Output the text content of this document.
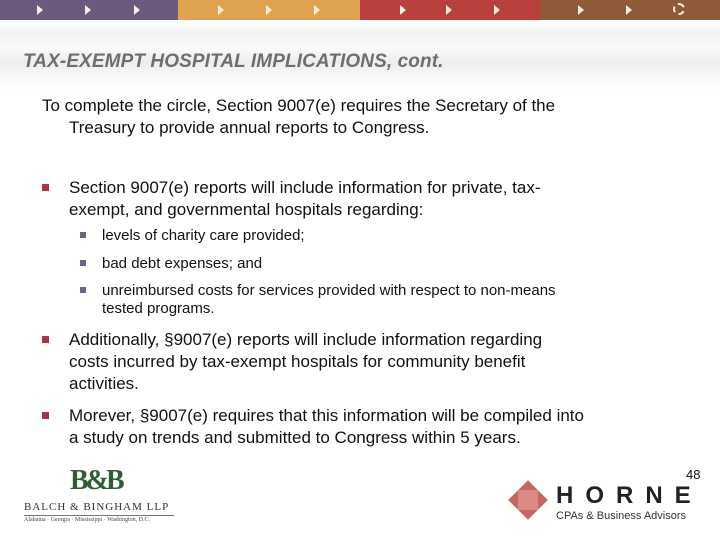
TAX-EXEMPT HOSPITAL IMPLICATIONS, cont.
To complete the circle, Section 9007(e) requires the Secretary of the
Treasury to provide annual reports to Congress.
Section 9007(e) reports will include information for private, tax-
exempt, and governmental hospitals regarding:
levels of charity care provided;
bad debt expenses; and
unreimbursed costs for services provided with respect to non-means
tested programs.
Additionally, §9007(e) reports will include information regarding
costs incurred by tax-exempt hospitals for community benefit
activities.
Morever, §9007(e) requires that this information will be compiled into
a study on trends and submitted to Congress within 5 years.
B&B
BALCH & BINGHAM LLP
Alabama · Georgia · Mississippi · Washington, D.C.
HORNE
CPAs & Business Advisors
48
